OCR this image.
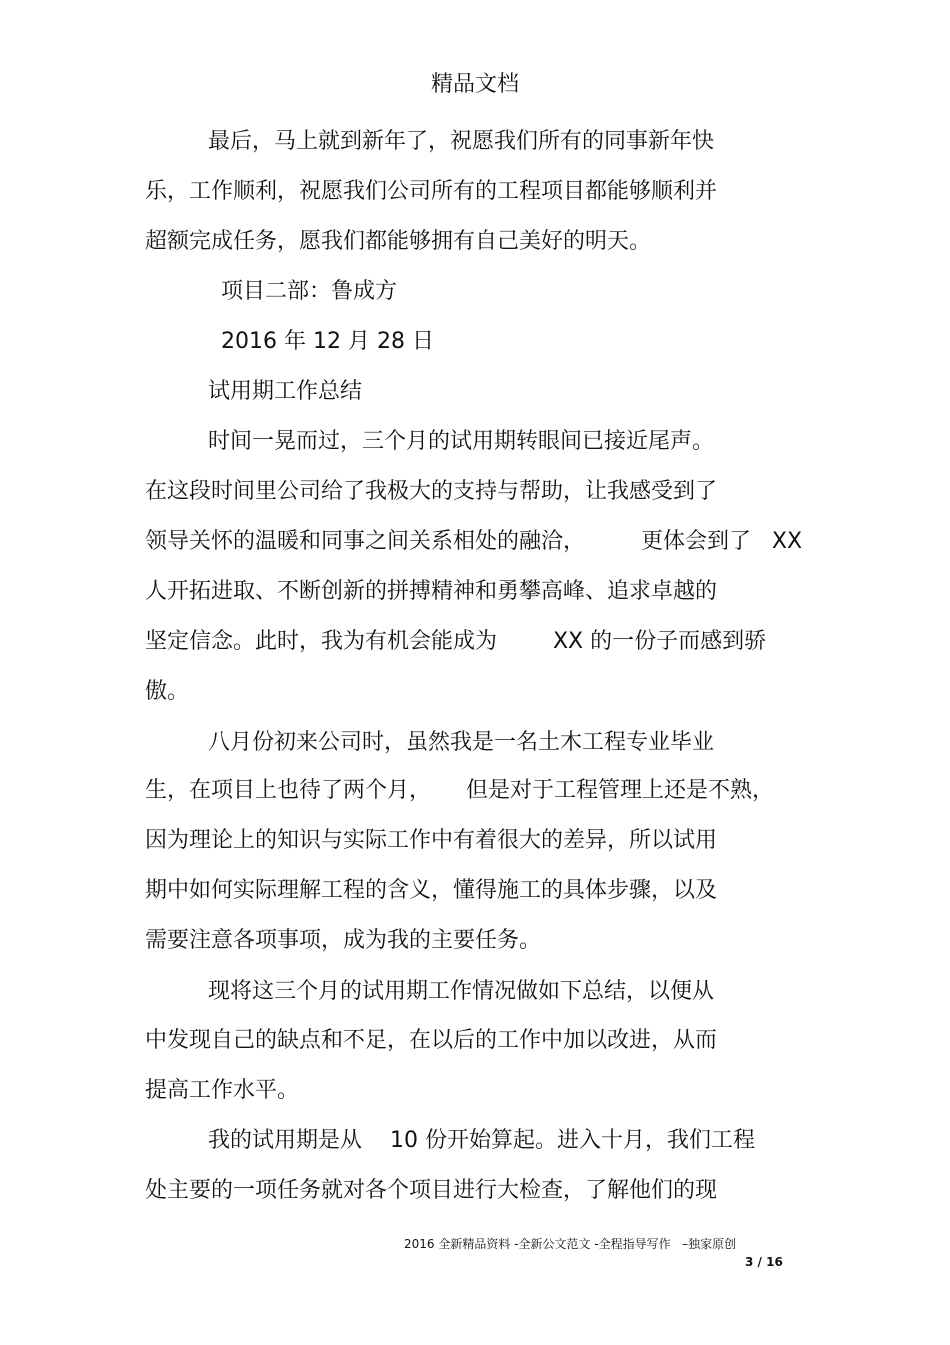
精品文档
最后，马上就到新年了，祝愿我们所有的同事新年快
乐，工作顺利，祝愿我们公司所有的工程项目都能够顺利并
超额完成任务，愿我们都能够拥有自己美好的明天。
项目二部：鲁成方
2016 年 12 月 28 日
试用期工作总结
时间一晃而过，三个月的试用期转眼间已接近尾声。
在这段时间里公司给了我极大的支持与帮助，让我感受到了
领导关怀的温暖和同事之间关系相处的融洽，        更体会到了   XX
人开拓进取、不断创新的拼搏精神和勇攀高峰、追求卓越的
坚定信念。此时，我为有机会能成为        XX 的一份子而感到骄
傲。
八月份初来公司时，虽然我是一名土木工程专业毕业
生，在项目上也待了两个月，     但是对于工程管理上还是不熟，
因为理论上的知识与实际工作中有着很大的差异，所以试用
期中如何实际理解工程的含义，懂得施工的具体步骤，以及
需要注意各项事项，成为我的主要任务。
现将这三个月的试用期工作情况做如下总结，以便从
中发现自己的缺点和不足，在以后的工作中加以改进，从而
提高工作水平。
我的试用期是从    10 份开始算起。进入十月，我们工程
处主要的一项任务就对各个项目进行大检查，了解他们的现
2016 全新精品资料 -全新公文范文 -全程指导写作   –独家原创
3 / 16
